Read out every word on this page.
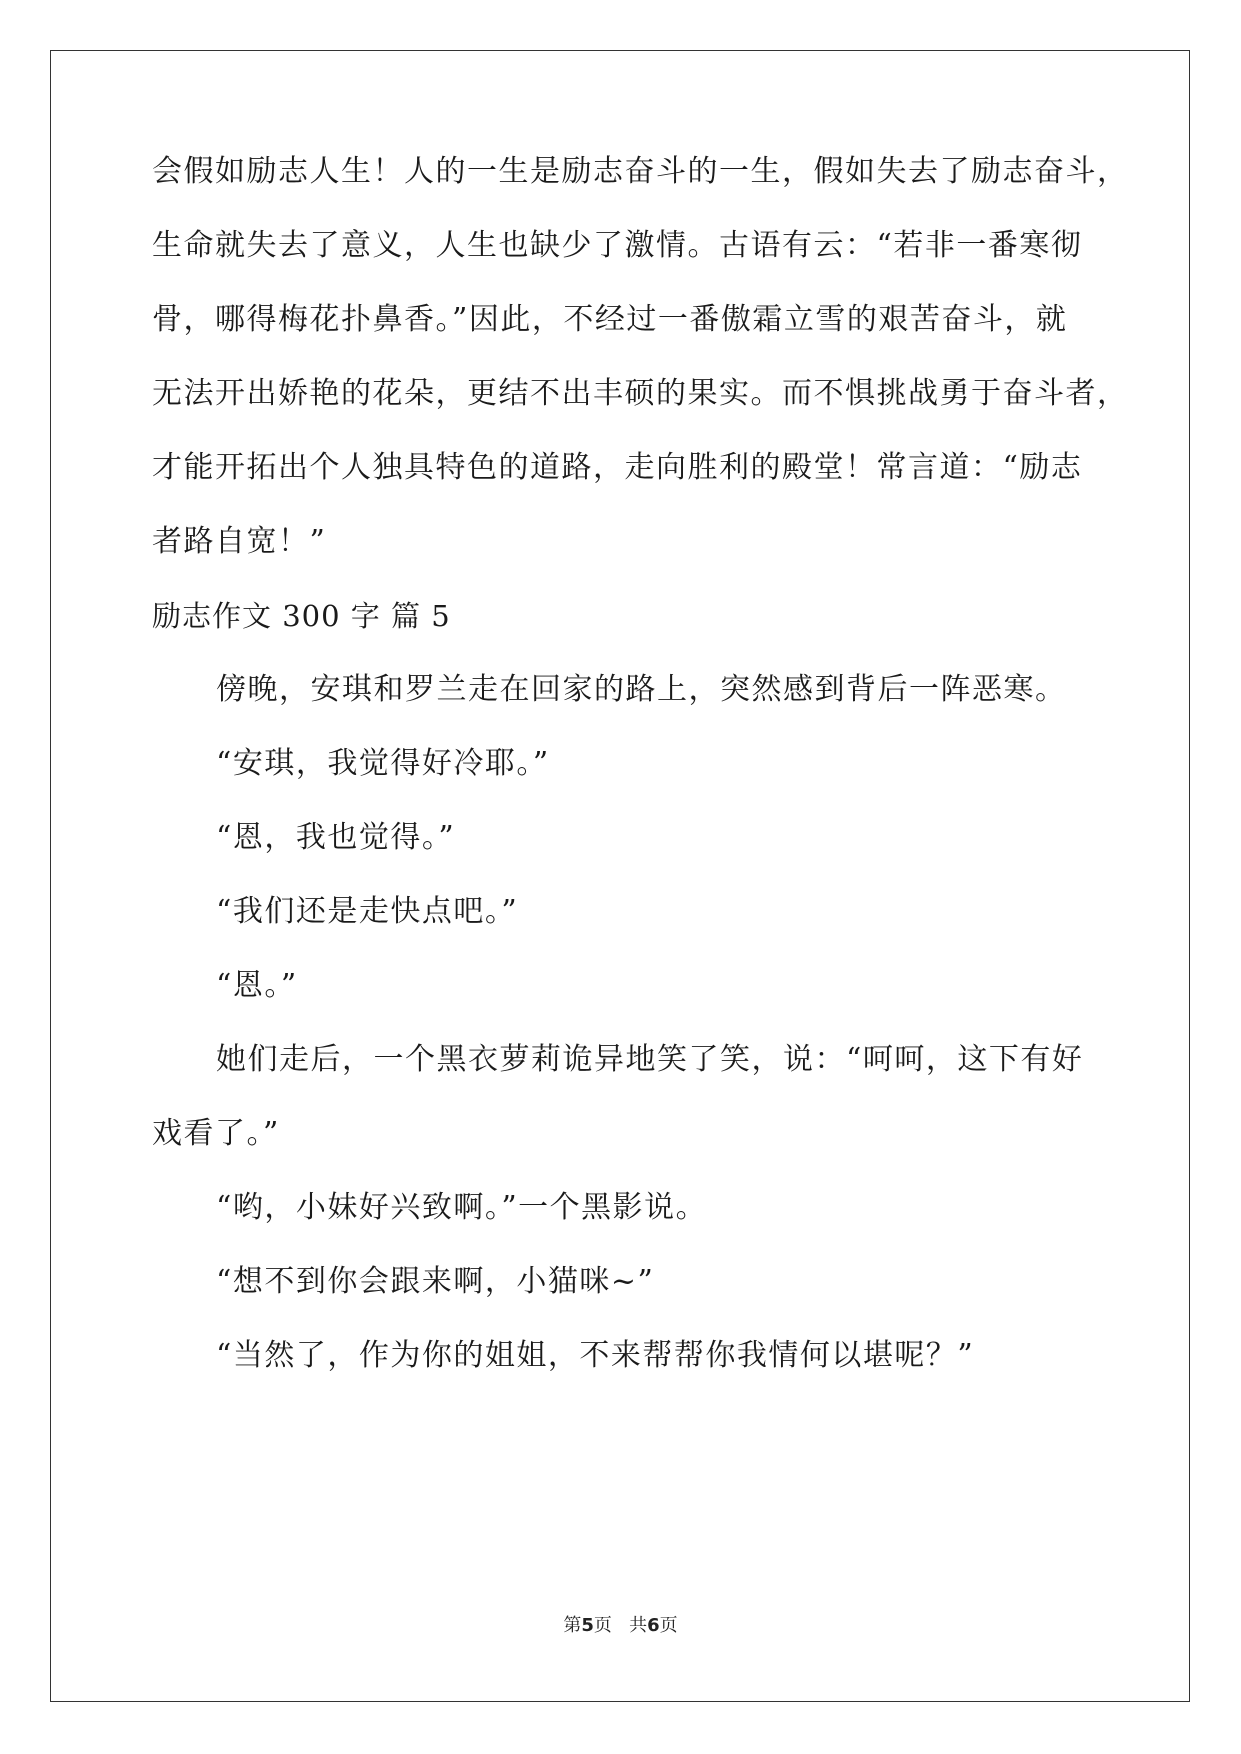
会假如励志人生！人的一生是励志奋斗的一生，假如失去了励志奋斗，
生命就失去了意义，人生也缺少了激情。古语有云：“若非一番寒彻
骨，哪得梅花扑鼻香。”因此，不经过一番傲霜立雪的艰苦奋斗，就
无法开出娇艳的花朵，更结不出丰硕的果实。而不惧挑战勇于奋斗者，
才能开拓出个人独具特色的道路，走向胜利的殿堂！常言道：“励志
者路自宽！”
励志作文 300 字 篇 5
傍晚，安琪和罗兰走在回家的路上，突然感到背后一阵恶寒。
“安琪，我觉得好冷耶。”
“恩，我也觉得。”
“我们还是走快点吧。”
“恩。”
她们走后，一个黑衣萝莉诡异地笑了笑，说：“呵呵，这下有好
戏看了。”
“哟，小妹好兴致啊。”一个黑影说。
“想不到你会跟来啊，小猫咪~”
“当然了，作为你的姐姐，不来帮帮你我情何以堪呢？”
第5页   共6页
